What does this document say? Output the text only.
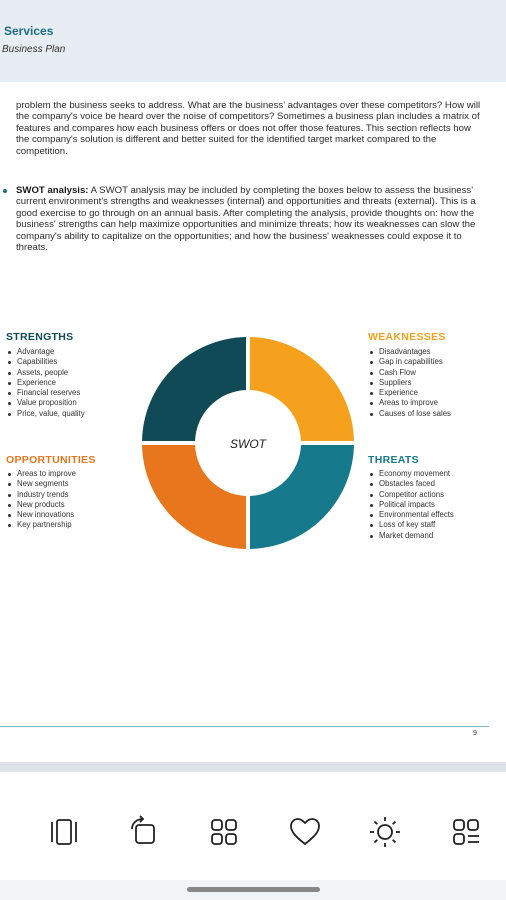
Services
Business Plan

problem the business seeks to address. What are the business’ advantages over these competitors? How will the company's voice be heard over the noise of competitors? Sometimes a business plan includes a matrix of features and compares how each business offers or does not offer those features. This section reflects how the company's solution is different and better suited for the identified target market compared to the competition.

SWOT analysis: A SWOT analysis may be included by completing the boxes below to assess the business' current environment's strengths and weaknesses (internal) and opportunities and threats (external). This is a good exercise to go through on an annual basis. After completing the analysis, provide thoughts on: how the business' strengths can help maximize opportunities and minimize threats; how its weaknesses can slow the company's ability to capitalize on the opportunities; and how the business' weaknesses could expose it to threats.
STRENGTHS
Advantage
Capabilities
Assets, people
Experience
Financial reserves
Value proposition
Price, value, quality
WEAKNESSES
Disadvantages
Gap in capabilities
Cash Flow
Suppliers
Experience
Areas to improve
Causes of lose sales
OPPORTUNITIES
Areas to improve
New segments
Industry trends
New products
New innovations
Key partnership
THREATS
Economy movement
Obstacles faced
Competitor actions
Political impacts
Environmental effects
Loss of key staff
Market demand
SWOT
9
